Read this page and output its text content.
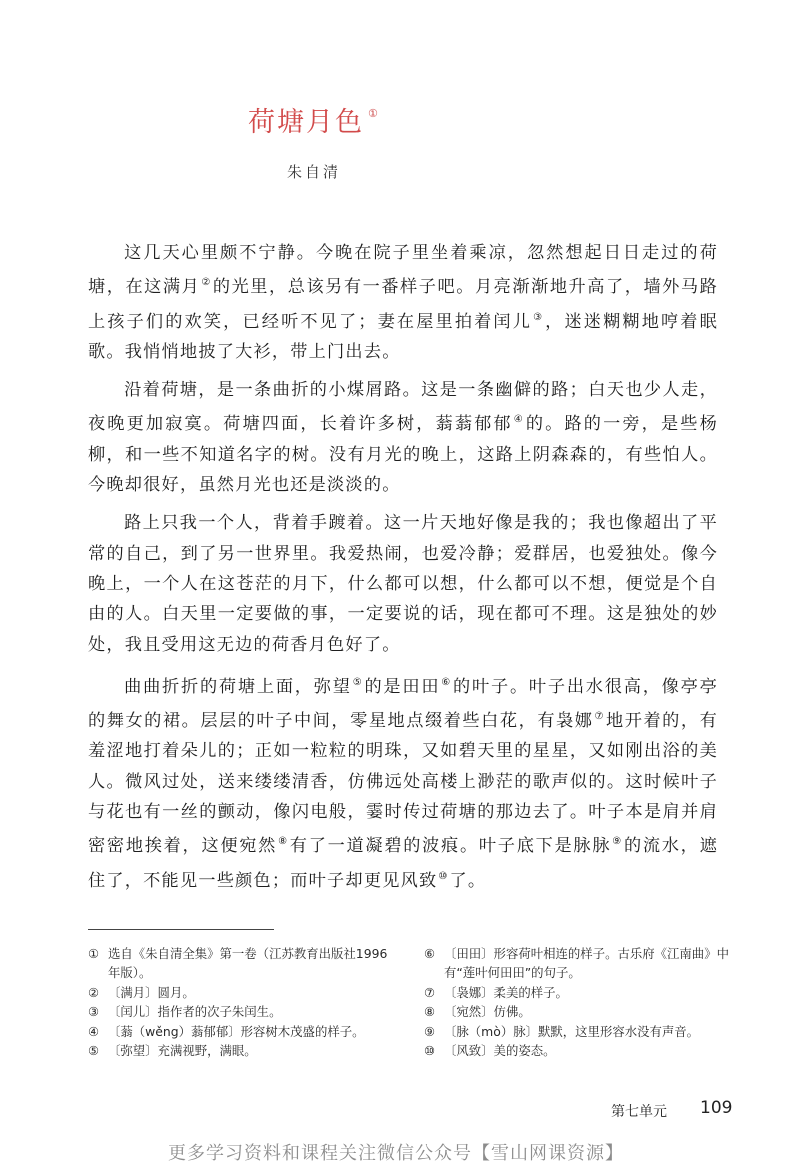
荷塘月色 ①
朱自清

这几天心里颇不宁静。今晚在院子里坐着乘凉，忽然想起日日走过的荷塘，在这满月②的光里，总该另有一番样子吧。月亮渐渐地升高了，墙外马路上孩子们的欢笑，已经听不见了；妻在屋里拍着闰儿③，迷迷糊糊地哼着眠歌。我悄悄地披了大衫，带上门出去。

沿着荷塘，是一条曲折的小煤屑路。这是一条幽僻的路；白天也少人走，夜晚更加寂寞。荷塘四面，长着许多树，蓊蓊郁郁④的。路的一旁，是些杨柳，和一些不知道名字的树。没有月光的晚上，这路上阴森森的，有些怕人。今晚却很好，虽然月光也还是淡淡的。

路上只我一个人，背着手踱着。这一片天地好像是我的；我也像超出了平常的自己，到了另一世界里。我爱热闹，也爱冷静；爱群居，也爱独处。像今晚上，一个人在这苍茫的月下，什么都可以想，什么都可以不想，便觉是个自由的人。白天里一定要做的事，一定要说的话，现在都可不理。这是独处的妙处，我且受用这无边的荷香月色好了。

曲曲折折的荷塘上面，弥望⑤的是田田⑥的叶子。叶子出水很高，像亭亭的舞女的裙。层层的叶子中间，零星地点缀着些白花，有袅娜⑦地开着的，有羞涩地打着朵儿的；正如一粒粒的明珠，又如碧天里的星星，又如刚出浴的美人。微风过处，送来缕缕清香，仿佛远处高楼上渺茫的歌声似的。这时候叶子与花也有一丝的颤动，像闪电般，霎时传过荷塘的那边去了。叶子本是肩并肩密密地挨着，这便宛然⑧有了一道凝碧的波痕。叶子底下是脉脉⑨的流水，遮住了，不能见一些颜色；而叶子却更见风致⑩了。

① 选自《朱自清全集》第一卷（江苏教育出版社1996年版）。
② 〔满月〕圆月。
③ 〔闰儿〕指作者的次子朱闰生。
④ 〔蓊（wěng）蓊郁郁〕形容树木茂盛的样子。
⑤ 〔弥望〕充满视野，满眼。
⑥ 〔田田〕形容荷叶相连的样子。古乐府《江南曲》中有“莲叶何田田”的句子。
⑦ 〔袅娜〕柔美的样子。
⑧ 〔宛然〕仿佛。
⑨ 〔脉（mò）脉〕默默，这里形容水没有声音。
⑩ 〔风致〕美的姿态。
第七单元 109
更多学习资料和课程关注微信公众号【雪山网课资源】
